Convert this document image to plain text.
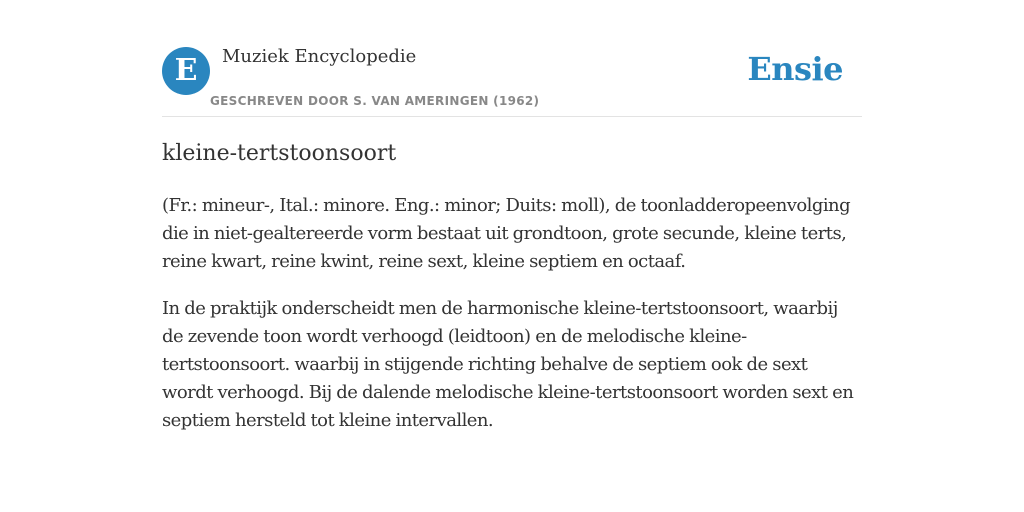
E	Muziek Encyclopedie
GESCHREVEN DOOR S. VAN AMERINGEN (1962)
Ensie
kleine-tertstoonsoort

(Fr.: mineur-, Ital.: minore. Eng.: minor; Duits: moll), de toonladderopeenvolging die in niet-gealtereerde vorm bestaat uit grondtoon, grote secunde, kleine terts, reine kwart, reine kwint, reine sext, kleine septiem en octaaf.

In de praktijk onderscheidt men de harmonische kleine-tertstoonsoort, waarbij de zevende toon wordt verhoogd (leidtoon) en de melodische kleine-tertstoonsoort. waarbij in stijgende richting behalve de septiem ook de sext wordt verhoogd. Bij de dalende melodische kleine-tertstoonsoort worden sext en septiem hersteld tot kleine intervallen.
